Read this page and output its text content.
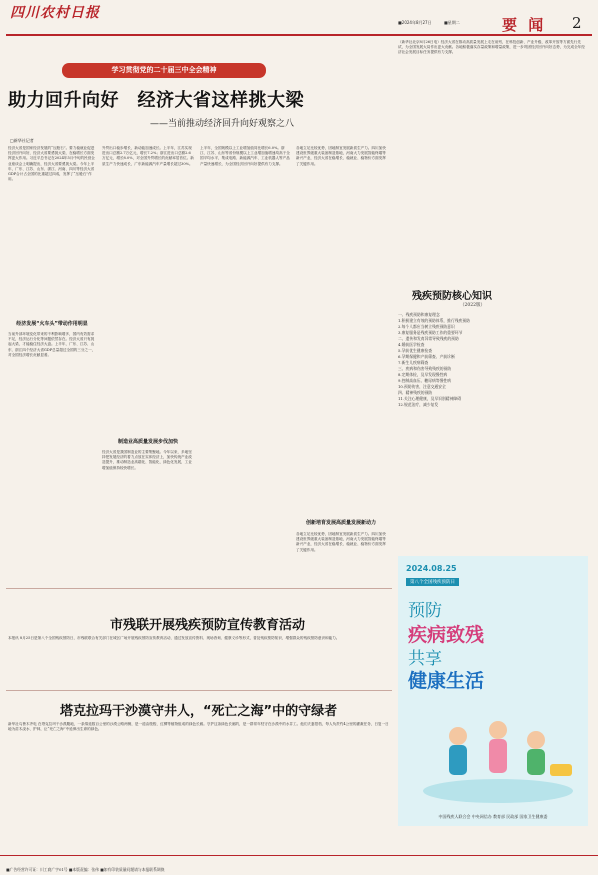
四川农村日报
■2024年8月27日	■星期二	要 闻 2
学习贯彻党的二十届三中全会精神
助力回升向好　经济大省这样挑大梁
——当前推动经济回升向好观察之八
□新华社记者
经济大省是国家经济发展的“压舱石”。要力稳就业促进经济回升向好，经济大省要勇挑大梁，在稳增长方面发挥更大作用。习近平总书记在2024年5月中旬的民营企业座谈会上明确提出，经济大省要勇挑大梁。今年上半年，广东、江苏、山东、浙江、河南、四川等经济大省GDP合计占全国的比重超过四成，发挥了“压舱石”作用。
经济发展“火车头”带动作用明显
当前外部环境变化带来的不利影响增多，国内有效需求不足，经济运行分化等问题依然存在。经济大省只有挑起大梁，才能稳住经济大盘。上半年，广东、江苏、山东、浙江四个经济大省GDP总量超过全国的三分之一，对全国经济增长贡献显著。
外贸出口稳步增长，新动能加速成长。上半年，江苏实现进出口总额2.7万亿元，增长7.2%；浙江进出口总额2.6万亿元，增长8.0%，对全国外贸增长的贡献率居首位。新质生产力快速成长，广东新能源汽车产量增长超过30%。
制造业高质量发展步伐加快
经济大省是我国制造业的主要集聚地。今年以来，多地坚持把发展经济的着力点放在实体经济上，加快传统产业改造提升，推动制造业高端化、智能化、绿色化发展，工业增加值保持较快增长。
上半年，全国规模以上工业增加值同比增长6.0%。浙江、江苏、山东等省份规模以上工业增加值增速均高于全国平均水平，集成电路、新能源汽车、工业机器人等产品产量快速增长，为全国经济回升向好提供有力支撑。
创新培育发展高质量发展新动力
各地立足比较优势，因地制宜发展新质生产力。四川加快建设世界级重大装备制造基地，河南大力发展智能终端等新兴产业，经济大省在稳增长、稳就业、稳物价方面发挥了关键作用。
各地立足比较优势，因地制宜发展新质生产力。四川加快建设世界级重大装备制造基地，河南大力发展智能终端等新兴产业，经济大省在稳增长、稳就业、稳物价方面发挥了关键作用。
（新华社北京8月26日电）经济大省在推动高质量发展上走在前列，在科技创新、产业升级、改革开放等方面先行先试，为全国发展大局作出更大贡献。各地积极落实存量政策和增量政策，进一步巩固经济回升向好态势，为完成全年经济社会发展目标任务提供有力支撑。
市残联开展残疾预防宣传教育活动
本报讯 8月25日是第八个全国残疾预防日，市残联联合有关部门在城区广场开展残疾预防宣传教育活动，通过发放宣传资料、现场咨询、健康义诊等形式，普及残疾预防知识，增强群众的残疾预防意识和能力。
塔克拉玛干沙漠守井人，“死亡之海”中的守绿者
新华社乌鲁木齐电 在塔克拉玛干沙漠腹地，一条绵延数百公里的沙漠公路两侧，是一道由梭梭、红柳等植物组成的绿色长廊。守护这条绿色长廊的，是一群常年驻守在沙漠中的水井工。他们夫妻搭档，每人负责约4公里的灌溉任务，日复一日地为苗木浇水、护林，让“死亡之海”中延伸出生命的绿色。
残疾预防核心知识
（2022版）
一、残疾预防和康复理念
1.积极建立有效的预防体系，推行残疾预防
2.每个人都应当树立残疾预防意识
3.康复服务是残疾预防工作的重要环节
二、遗传和发育异常导致残疾的预防
4.婚前医学检查
5.孕前优生健康检查
6.孕期保健和产前筛查、产前诊断
7.新生儿疾病筛查
三、疾病和伤害导致残疾的预防
8.定期体检，及早发现慢性病
9.控制高血压、糖尿病等慢性病
10.预防伤害，注意交通安全
四、精神残疾的预防
11.关注心理健康，及早识别精神障碍
12.规范治疗，减少复发
2024.08.25
第八个全国残疾预防日
预防
疾病致残
共享
健康生活
中国残疾人联合会 中央网信办 教育部 民政部 国家卫生健康委
■广告经营许可证：川工商广字01号 ■本版责编：张伟 ■如有印装质量问题请与本报联系调换
